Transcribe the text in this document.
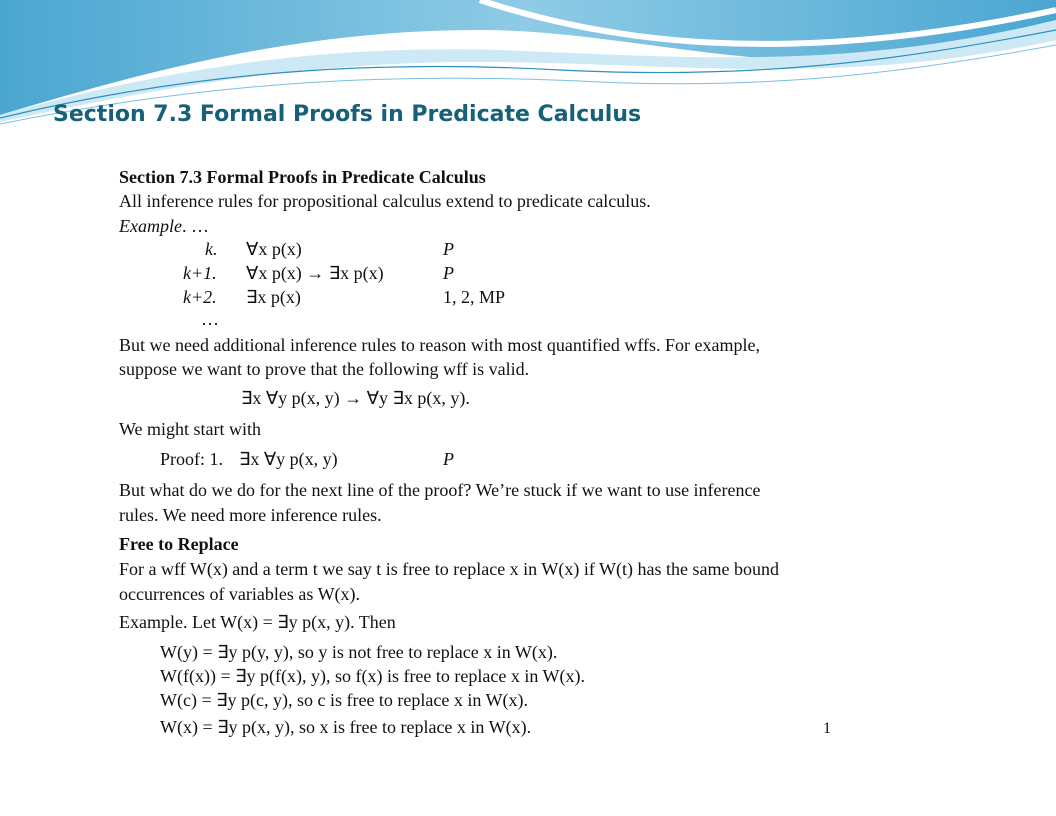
Section 7.3 Formal Proofs in Predicate Calculus
Section 7.3 Formal Proofs in Predicate Calculus
All inference rules for propositional calculus extend to predicate calculus.
Example. …
k. ∀x p(x)	P
k+1. ∀x p(x) → ∃x p(x)	P
k+2. ∃x p(x)	1, 2, MP
…
But we need additional inference rules to reason with most quantified wffs. For example,
suppose we want to prove that the following wff is valid.
∃x ∀y p(x, y) → ∀y ∃x p(x, y).
We might start with
Proof: 1. ∃x ∀y p(x, y)	P
But what do we do for the next line of the proof? We’re stuck if we want to use inference
rules. We need more inference rules.
Free to Replace
For a wff W(x) and a term t we say t is free to replace x in W(x) if W(t) has the same bound
occurrences of variables as W(x).
Example. Let W(x) = ∃y p(x, y). Then
W(y) = ∃y p(y, y), so y is not free to replace x in W(x).
W(f(x)) = ∃y p(f(x), y), so f(x) is free to replace x in W(x).
W(c) = ∃y p(c, y), so c is free to replace x in W(x).
W(x) = ∃y p(x, y), so x is free to replace x in W(x).	1
